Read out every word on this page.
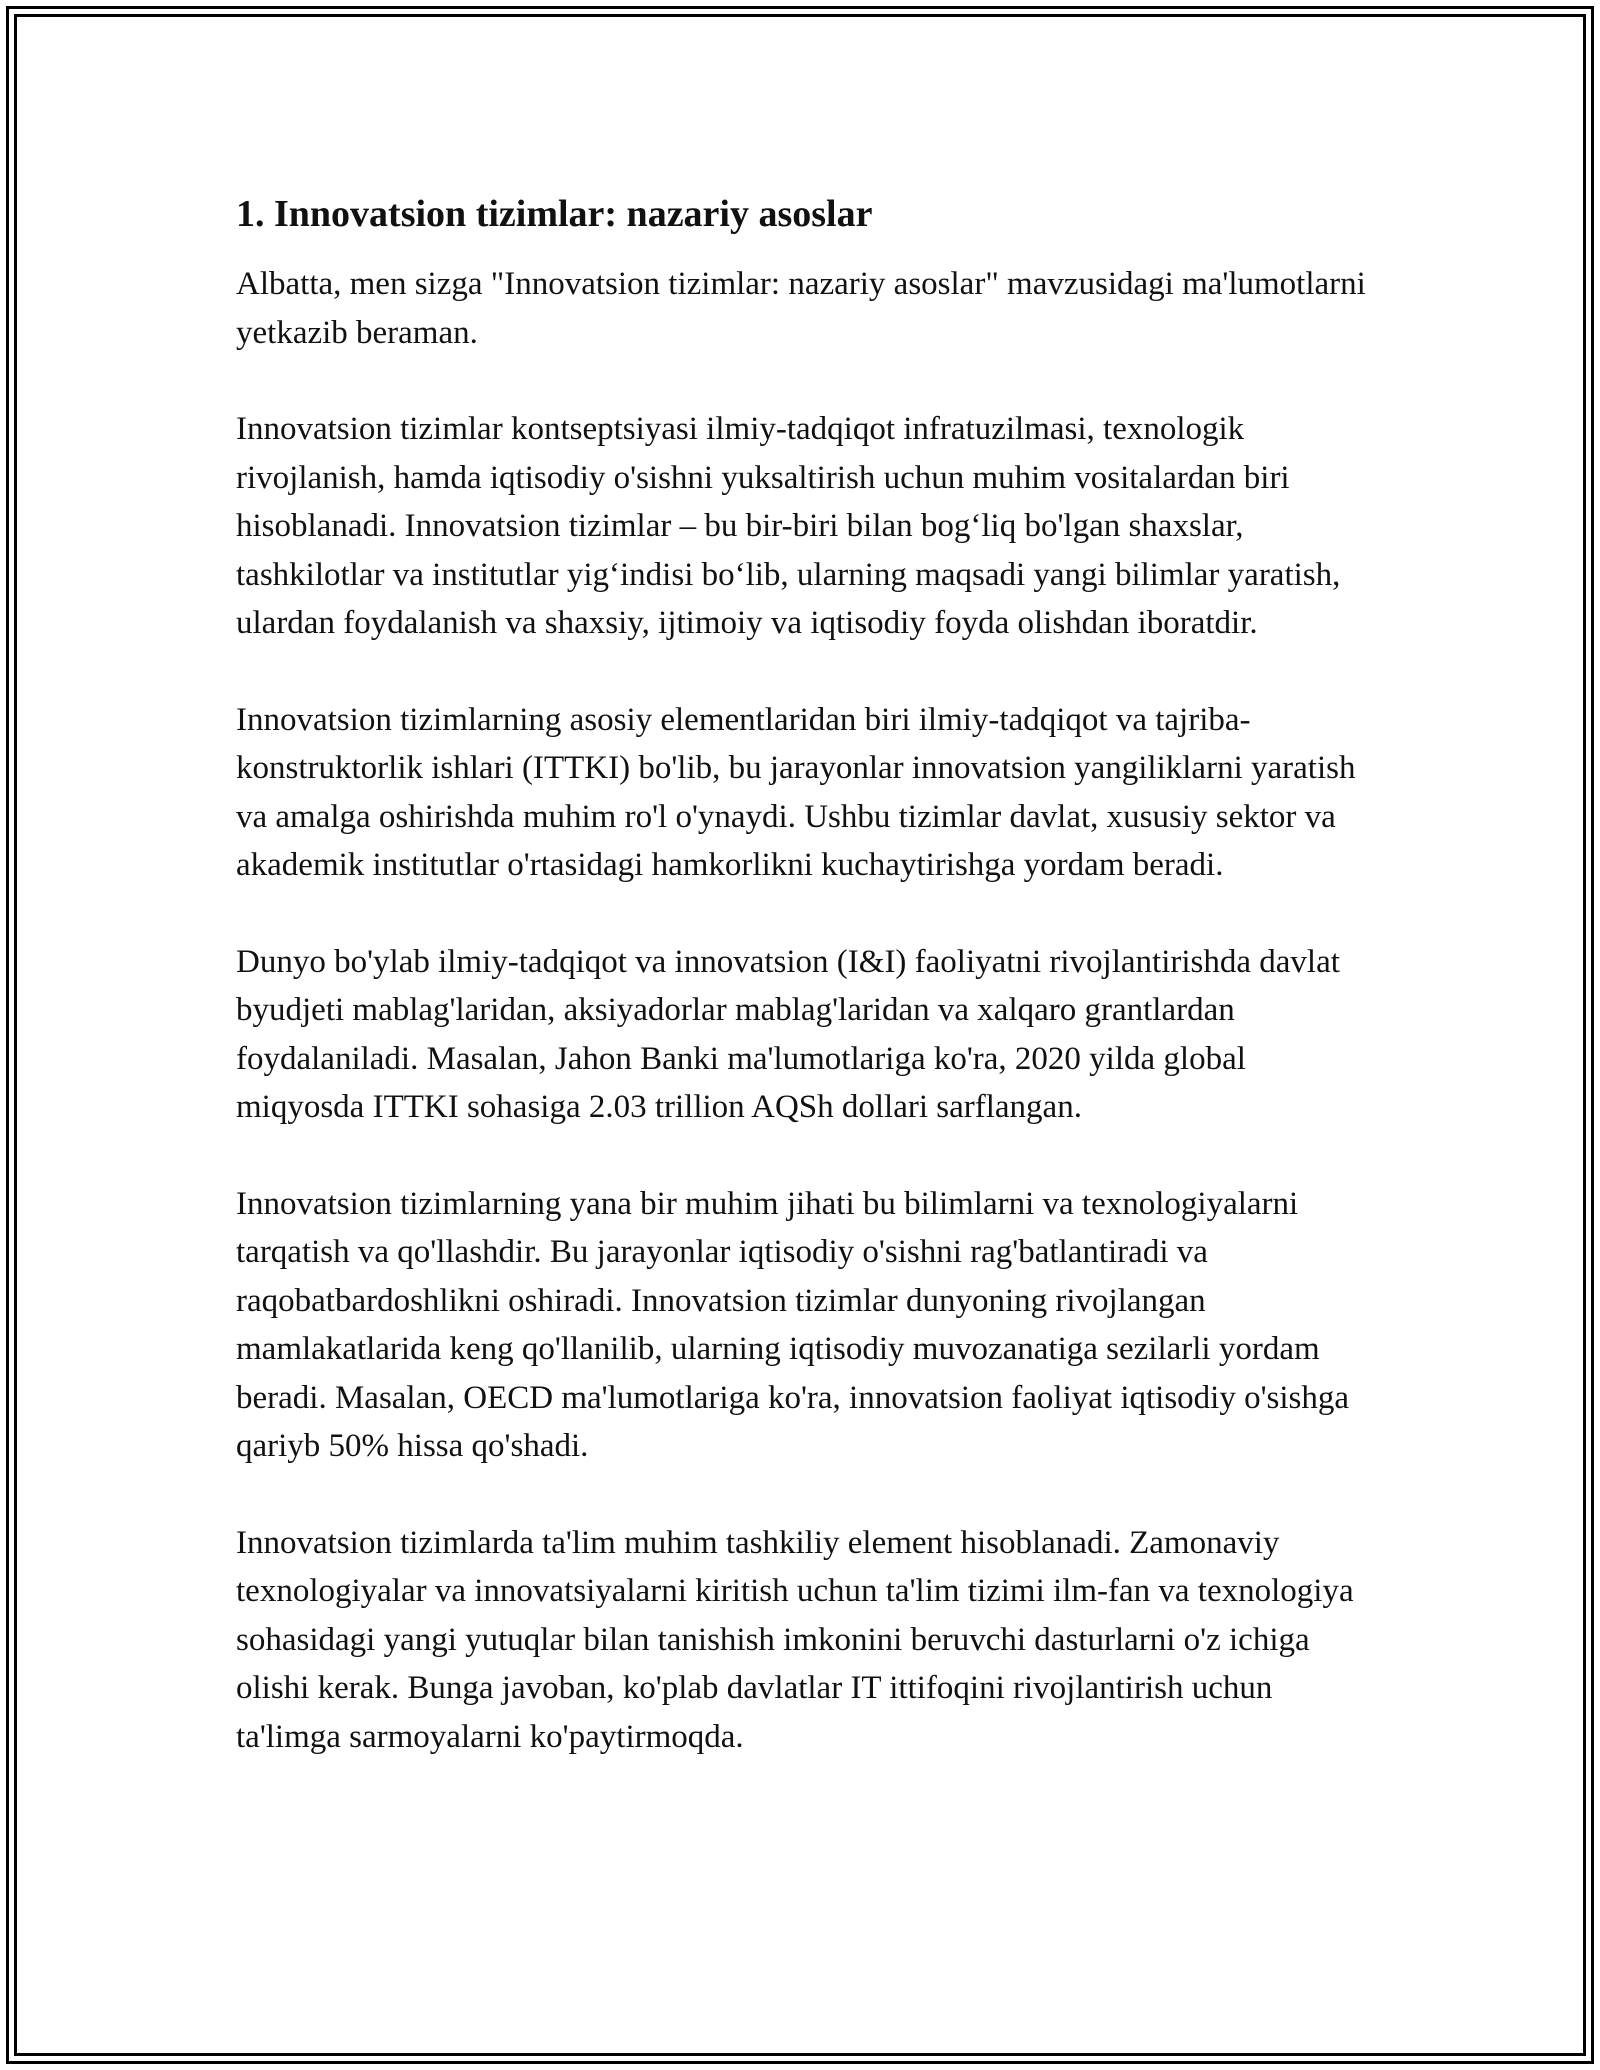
1. Innovatsion tizimlar: nazariy asoslar

Albatta, men sizga "Innovatsion tizimlar: nazariy asoslar" mavzusidagi ma'lumotlarni yetkazib beraman.

Innovatsion tizimlar kontseptsiyasi ilmiy-tadqiqot infratuzilmasi, texnologik rivojlanish, hamda iqtisodiy o'sishni yuksaltirish uchun muhim vositalardan biri hisoblanadi. Innovatsion tizimlar – bu bir-biri bilan bog‘liq bo'lgan shaxslar, tashkilotlar va institutlar yig‘indisi bo‘lib, ularning maqsadi yangi bilimlar yaratish, ulardan foydalanish va shaxsiy, ijtimoiy va iqtisodiy foyda olishdan iboratdir.

Innovatsion tizimlarning asosiy elementlaridan biri ilmiy-tadqiqot va tajriba-konstruktorlik ishlari (ITTKI) bo'lib, bu jarayonlar innovatsion yangiliklarni yaratish va amalga oshirishda muhim ro'l o'ynaydi. Ushbu tizimlar davlat, xususiy sektor va akademik institutlar o'rtasidagi hamkorlikni kuchaytirishga yordam beradi.

Dunyo bo'ylab ilmiy-tadqiqot va innovatsion (I&I) faoliyatni rivojlantirishda davlat byudjeti mablag'laridan, aksiyadorlar mablag'laridan va xalqaro grantlardan foydalaniladi. Masalan, Jahon Banki ma'lumotlariga ko'ra, 2020 yilda global miqyosda ITTKI sohasiga 2.03 trillion AQSh dollari sarflangan.

Innovatsion tizimlarning yana bir muhim jihati bu bilimlarni va texnologiyalarni tarqatish va qo'llashdir. Bu jarayonlar iqtisodiy o'sishni rag'batlantiradi va raqobatbardoshlikni oshiradi. Innovatsion tizimlar dunyoning rivojlangan mamlakatlarida keng qo'llanilib, ularning iqtisodiy muvozanatiga sezilarli yordam beradi. Masalan, OECD ma'lumotlariga ko'ra, innovatsion faoliyat iqtisodiy o'sishga qariyb 50% hissa qo'shadi.

Innovatsion tizimlarda ta'lim muhim tashkiliy element hisoblanadi. Zamonaviy texnologiyalar va innovatsiyalarni kiritish uchun ta'lim tizimi ilm-fan va texnologiya sohasidagi yangi yutuqlar bilan tanishish imkonini beruvchi dasturlarni o'z ichiga olishi kerak. Bunga javoban, ko'plab davlatlar IT ittifoqini rivojlantirish uchun ta'limga sarmoyalarni ko'paytirmoqda.
